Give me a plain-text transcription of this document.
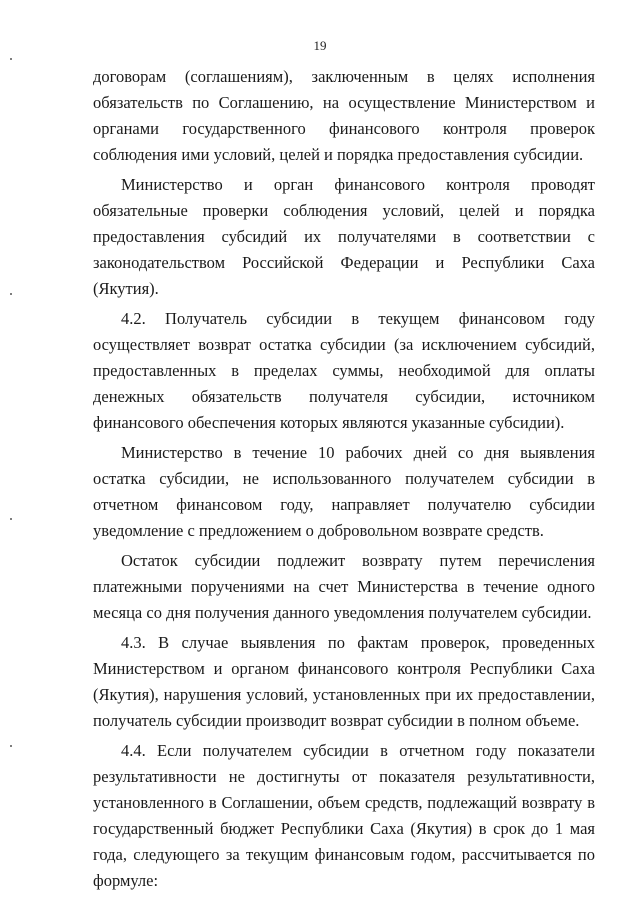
19

договорам (соглашениям), заключенным в целях исполнения обязательств по Соглашению, на осуществление Министерством и органами государственного финансового контроля проверок соблюдения ими условий, целей и порядка предоставления субсидии.

Министерство и орган финансового контроля проводят обязательные проверки соблюдения условий, целей и порядка предоставления субсидий их получателями в соответствии с законодательством Российской Федерации и Республики Саха (Якутия).

4.2. Получатель субсидии в текущем финансовом году осуществляет возврат остатка субсидии (за исключением субсидий, предоставленных в пределах суммы, необходимой для оплаты денежных обязательств получателя субсидии, источником финансового обеспечения которых являются указанные субсидии).

Министерство в течение 10 рабочих дней со дня выявления остатка субсидии, не использованного получателем субсидии в отчетном финансовом году, направляет получателю субсидии уведомление с предложением о добровольном возврате средств.

Остаток субсидии подлежит возврату путем перечисления платежными поручениями на счет Министерства в течение одного месяца со дня получения данного уведомления получателем субсидии.

4.3. В случае выявления по фактам проверок, проведенных Министерством и органом финансового контроля Республики Саха (Якутия), нарушения условий, установленных при их предоставлении, получатель субсидии производит возврат субсидии в полном объеме.

4.4. Если получателем субсидии в отчетном году показатели результативности не достигнуты от показателя результативности, установленного в Соглашении, объем средств, подлежащий возврату в государственный бюджет Республики Саха (Якутия) в срок до 1 мая года, следующего за текущим финансовым годом, рассчитывается по формуле:
